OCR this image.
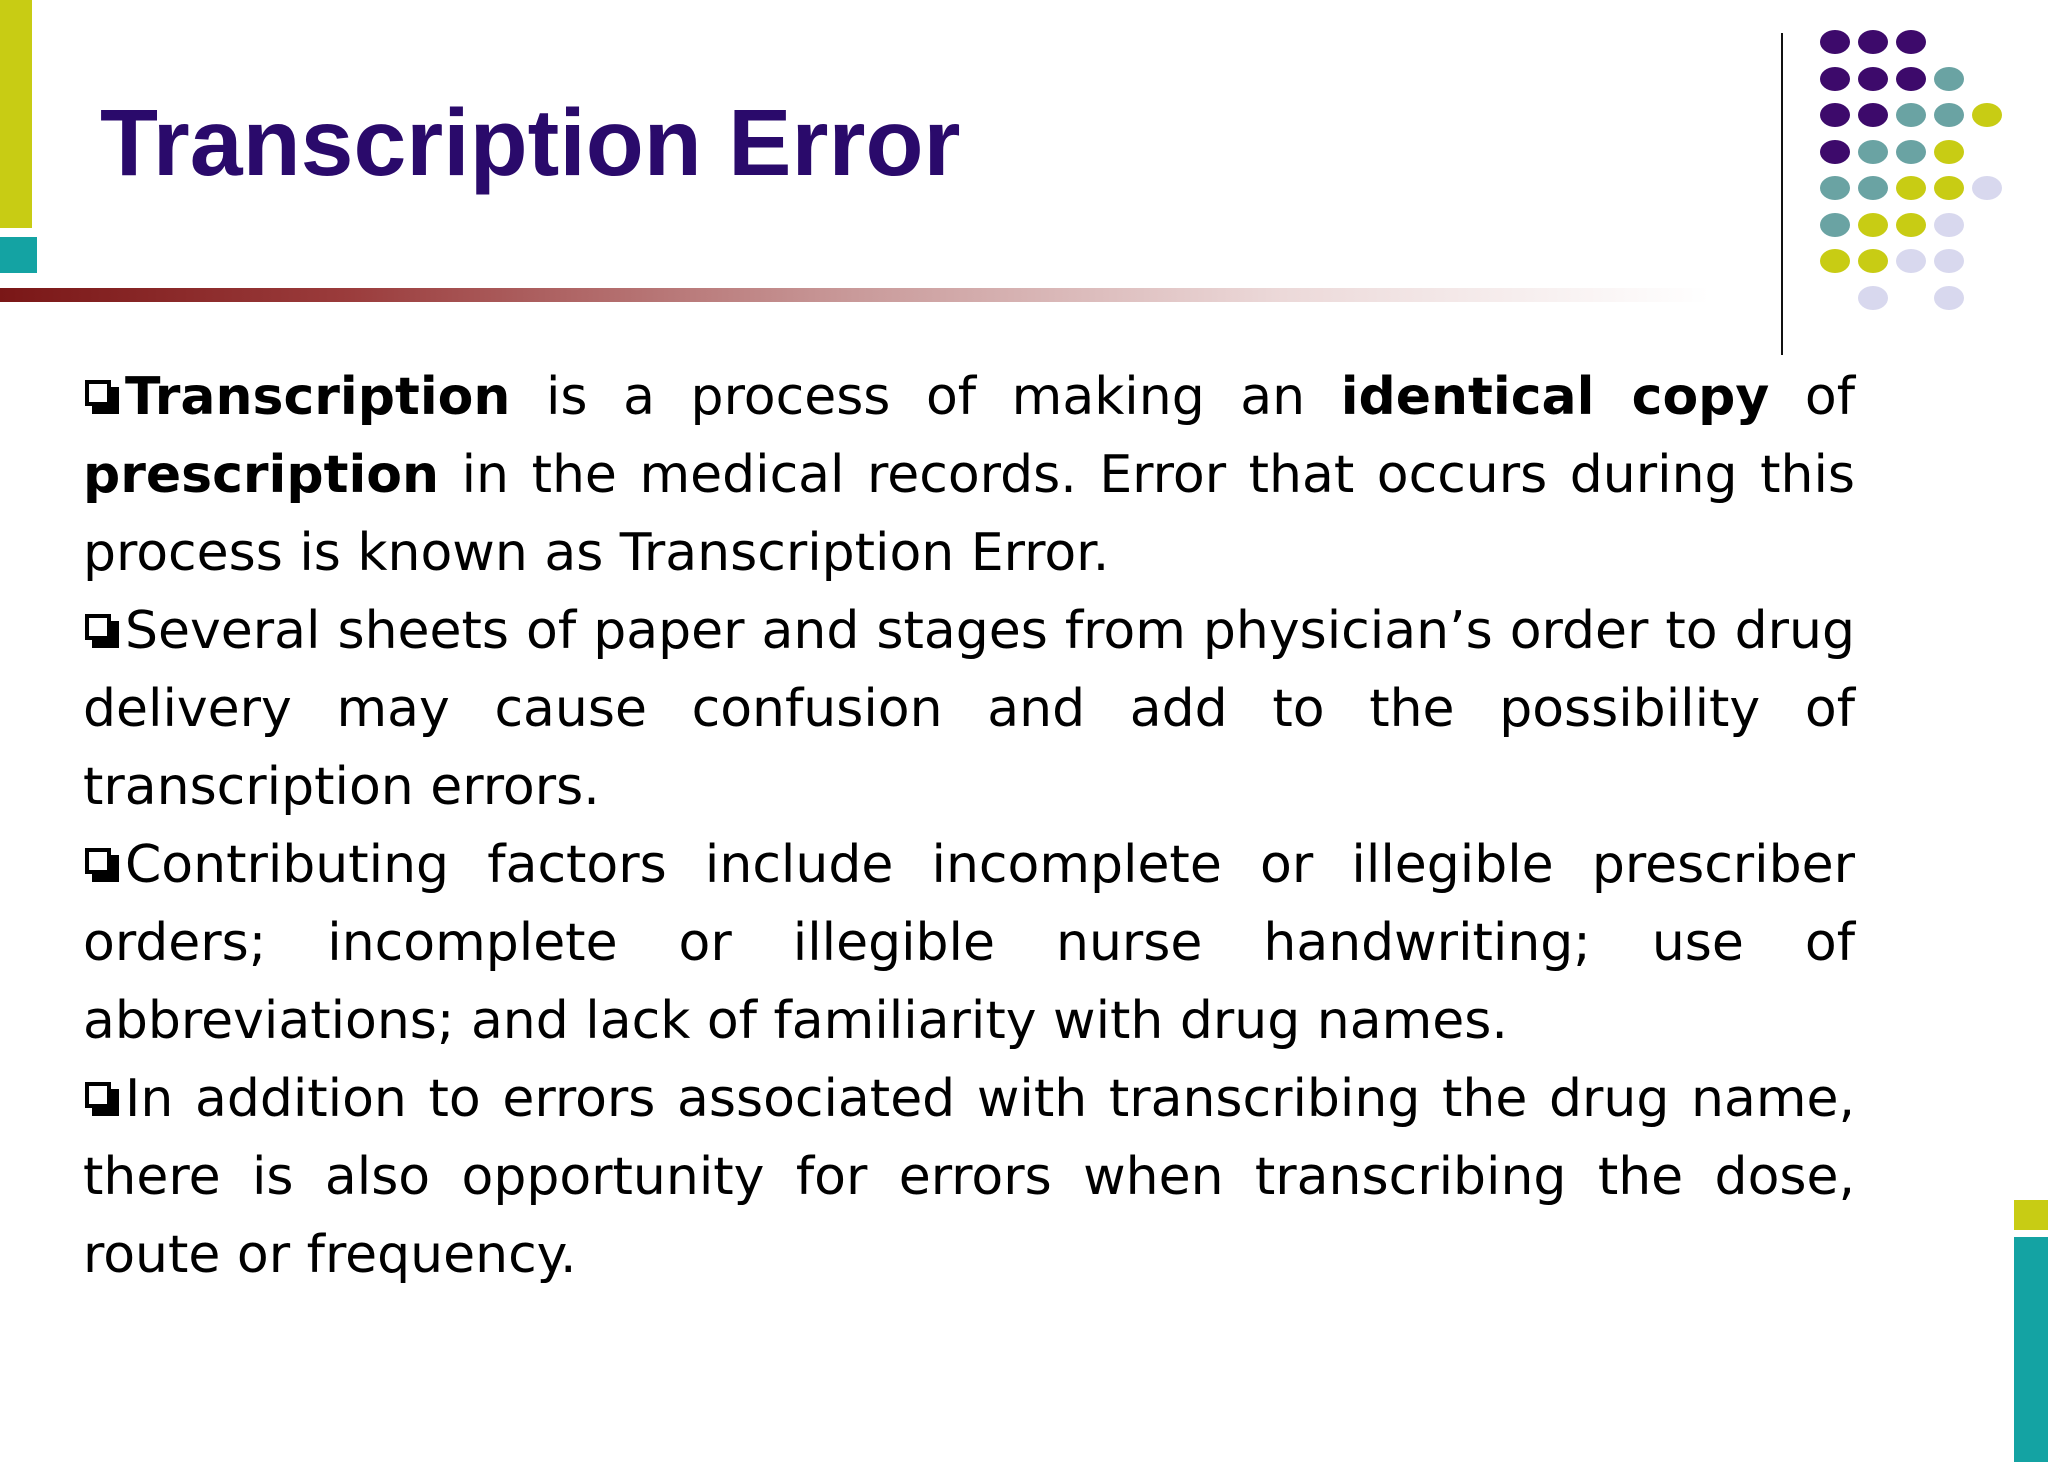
Transcription Error

Transcription is a process of making an identical copy of prescription in the medical records. Error that occurs during this process is known as Transcription Error.

Several sheets of paper and stages from physician’s order to drug delivery may cause confusion and add to the possibility of transcription errors.

Contributing factors include incomplete or illegible prescriber orders; incomplete or illegible nurse handwriting; use of abbreviations; and lack of familiarity with drug names.

In addition to errors associated with transcribing the drug name, there is also opportunity for errors when transcribing the dose, route or frequency.
